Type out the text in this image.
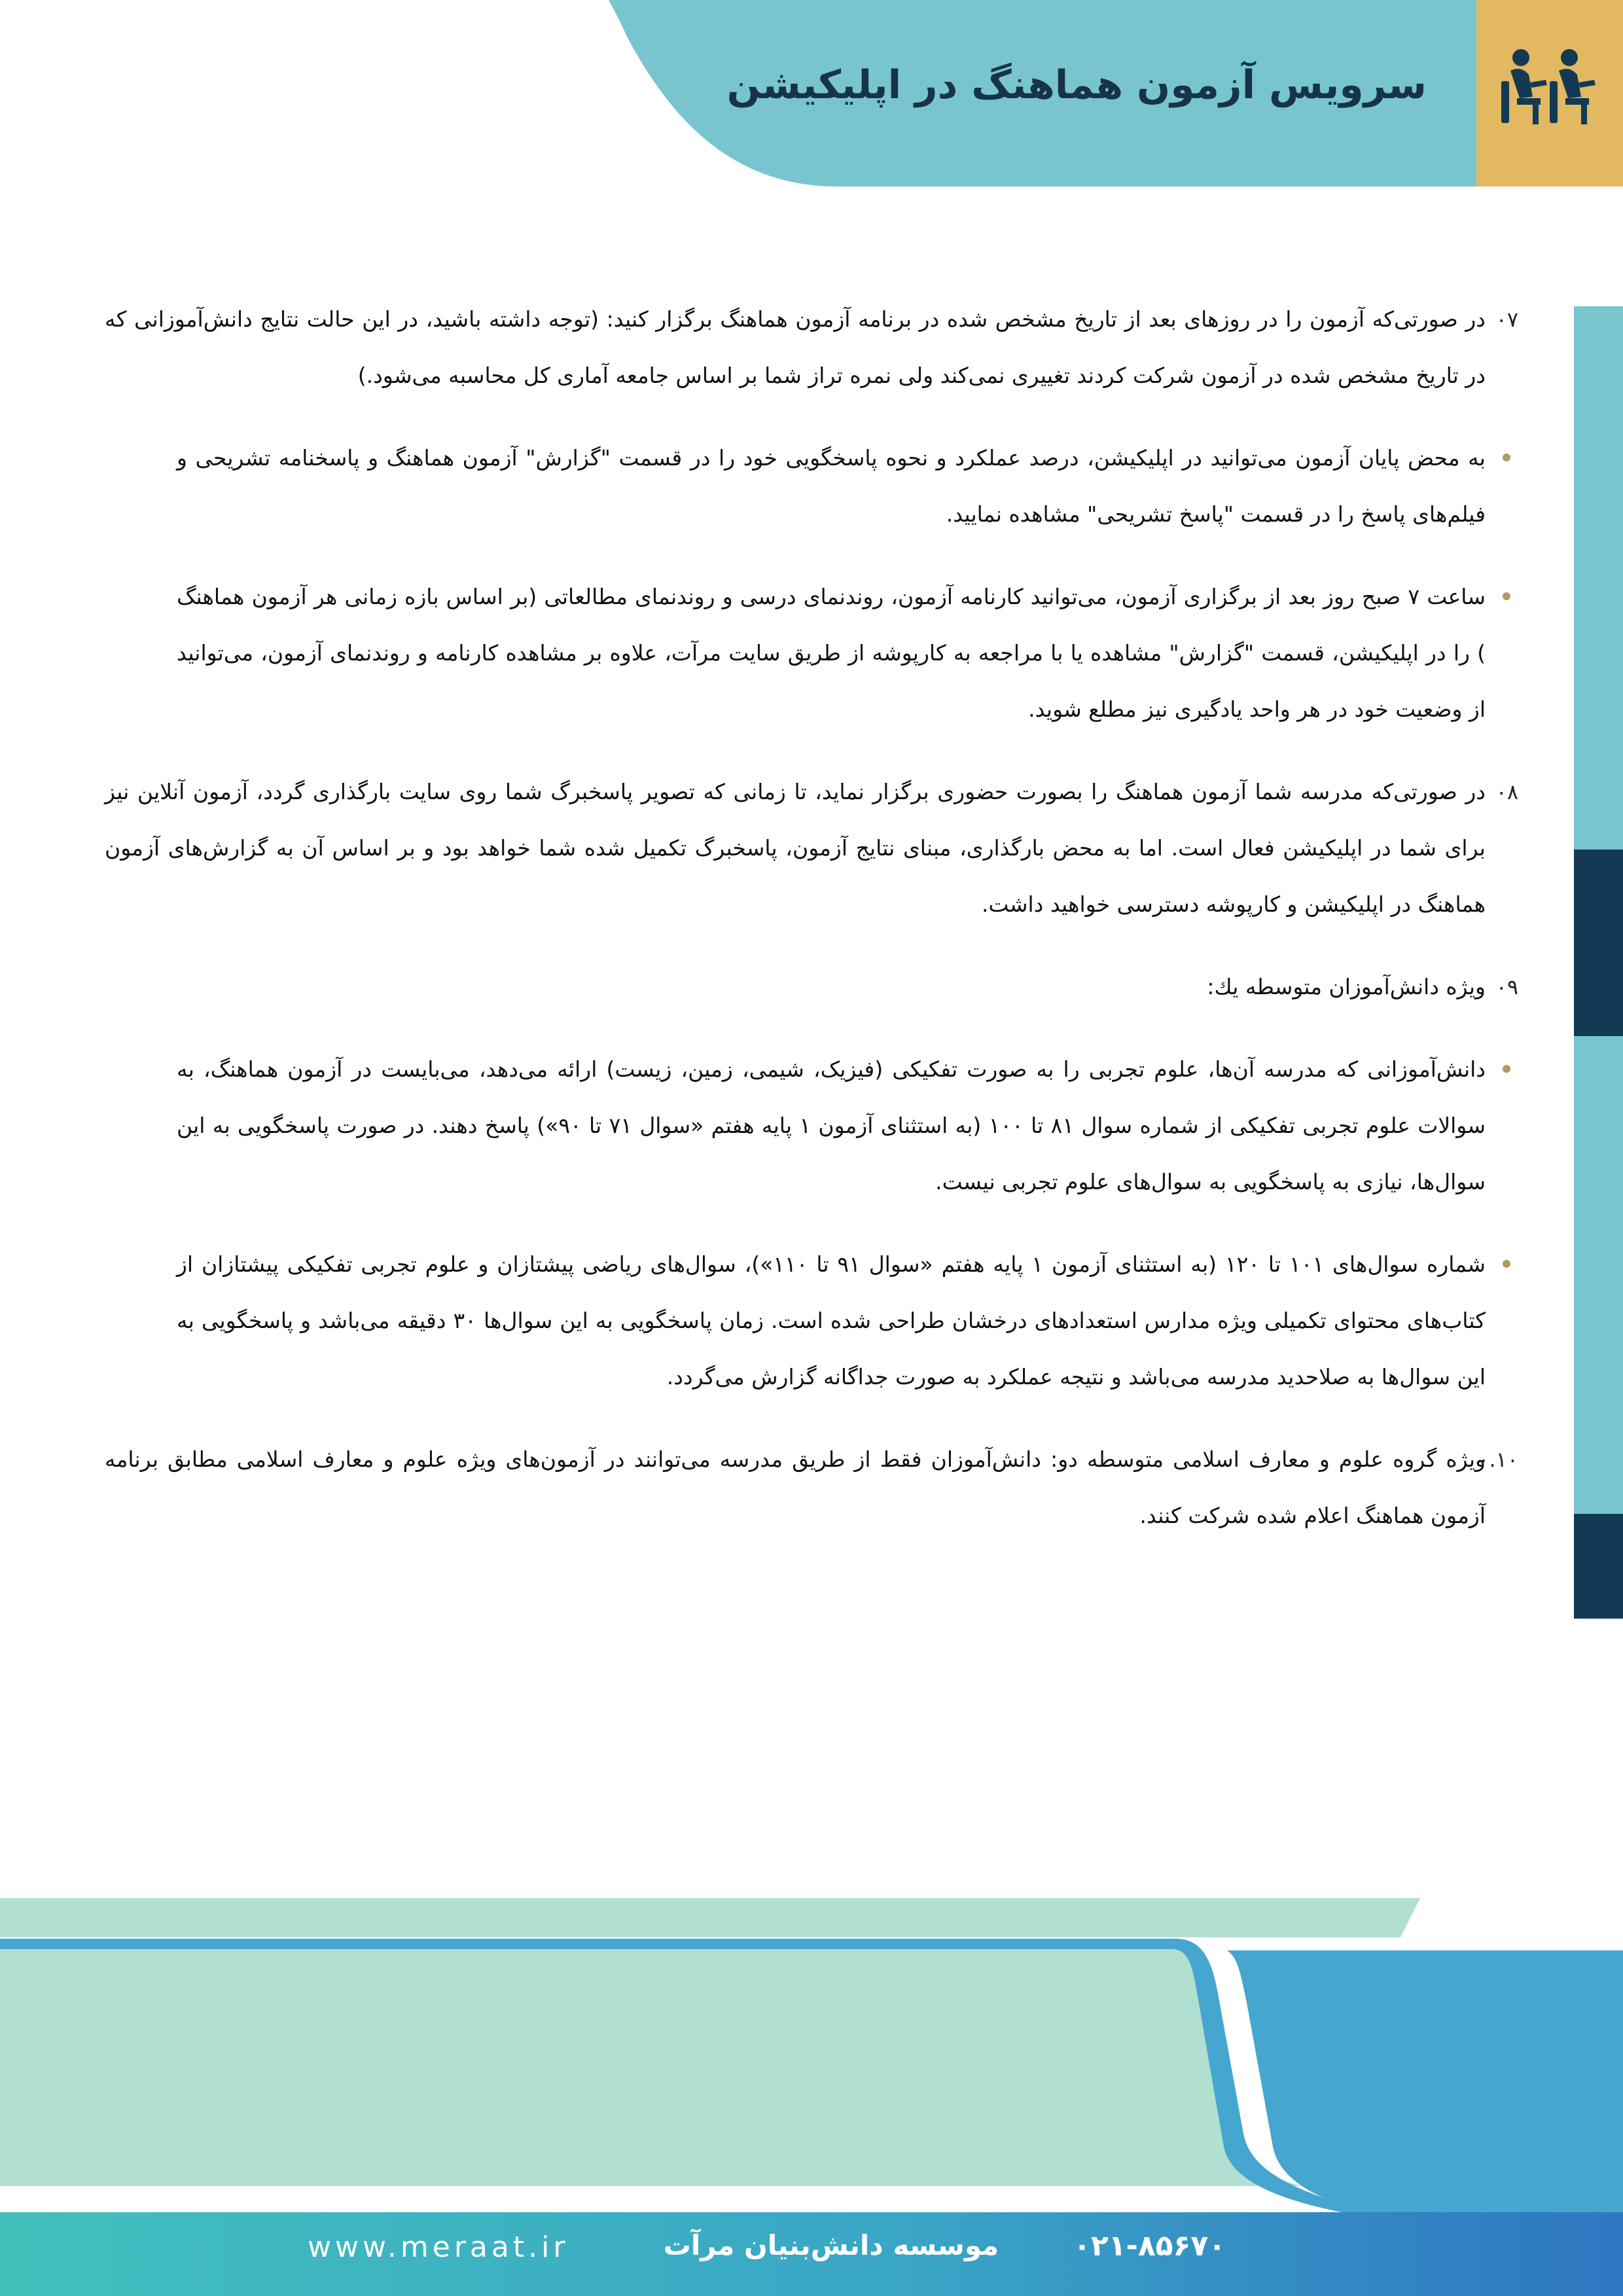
سرویس آزمون هماهنگ در اپلیکیشن
۰۷
در صورتی‌که آزمون را در روزهای بعد از تاریخ مشخص شده در برنامه آزمون هماهنگ برگزار کنید: (توجه داشته باشید، در این حالت نتایج دانش‌آموزانی که در تاریخ مشخص شده در آزمون شرکت کردند تغییری نمی‌کند ولی نمره تراز شما بر اساس جامعه آماری کل محاسبه می‌شود.)
به محض پایان آزمون می‌توانید در اپلیکیشن، درصد عملکرد و نحوه پاسخگویی خود را در قسمت "گزارش" آزمون هماهنگ و پاسخنامه تشریحی و فیلم‌های پاسخ را در قسمت "پاسخ تشریحی" مشاهده نمایید.
ساعت ۷ صبح روز بعد از برگزاری آزمون، می‌توانید کارنامه آزمون، روندنمای درسی و روندنمای مطالعاتی (بر اساس بازه زمانی هر آزمون هماهنگ ) را در اپلیکیشن، قسمت "گزارش" مشاهده یا با مراجعه به کارپوشه از طریق سایت مرآت، علاوه بر مشاهده کارنامه و روندنمای آزمون، می‌توانید از وضعیت خود در هر واحد یادگیری نیز مطلع شوید.
۰۸
در صورتی‌که مدرسه شما آزمون هماهنگ را بصورت حضوری برگزار نماید، تا زمانی که تصویر پاسخبرگ شما روی سایت بارگذاری گردد، آزمون آنلاین نیز برای شما در اپلیکیشن فعال است. اما به محض بارگذاری، مبنای نتایج آزمون، پاسخبرگ تکمیل شده شما خواهد بود و بر اساس آن به گزارش‌های آزمون هماهنگ در اپلیکیشن و کارپوشه دسترسی خواهید داشت.
۰۹
ویژه دانش‌آموزان متوسطه یك:
دانش‌آموزانی که مدرسه آن‌ها، علوم تجربی را به صورت تفکیکی (فیزیک، شیمی، زمین، زیست) ارائه می‌دهد، می‌بایست در آزمون هماهنگ، به سوالات علوم تجربی تفکیکی از شماره سوال ۸۱ تا ۱۰۰ (به استثنای آزمون ۱ پایه هفتم «سوال ۷۱ تا ۹۰») پاسخ دهند. در صورت پاسخگویی به این سوال‌ها، نیازی به پاسخگویی به سوال‌های علوم تجربی نیست.
شماره سوال‌های ۱۰۱ تا ۱۲۰ (به استثنای آزمون ۱ پایه هفتم «سوال ۹۱ تا ۱۱۰»)، سوال‌های ریاضی پیشتازان و علوم تجربی تفکیکی پیشتازان از کتاب‌های محتوای تکمیلی ویژه مدارس استعدادهای درخشان طراحی شده است. زمان پاسخگویی به این سوال‌ها ۳۰ دقیقه می‌باشد و پاسخگویی به این سوال‌ها به صلاحدید مدرسه می‌باشد و نتیجه عملکرد به صورت جداگانه گزارش می‌گردد.
۰.۱۰
ویژه گروه علوم و معارف اسلامی متوسطه دو: دانش‌آموزان فقط از طریق مدرسه می‌توانند در آزمون‌های ویژه علوم و معارف اسلامی مطابق برنامه آزمون هماهنگ اعلام شده شرکت کنند.
www.meraat.ir	موسسه دانش‌بنیان مرآت	۰۲۱-۸۵۶۷۰
